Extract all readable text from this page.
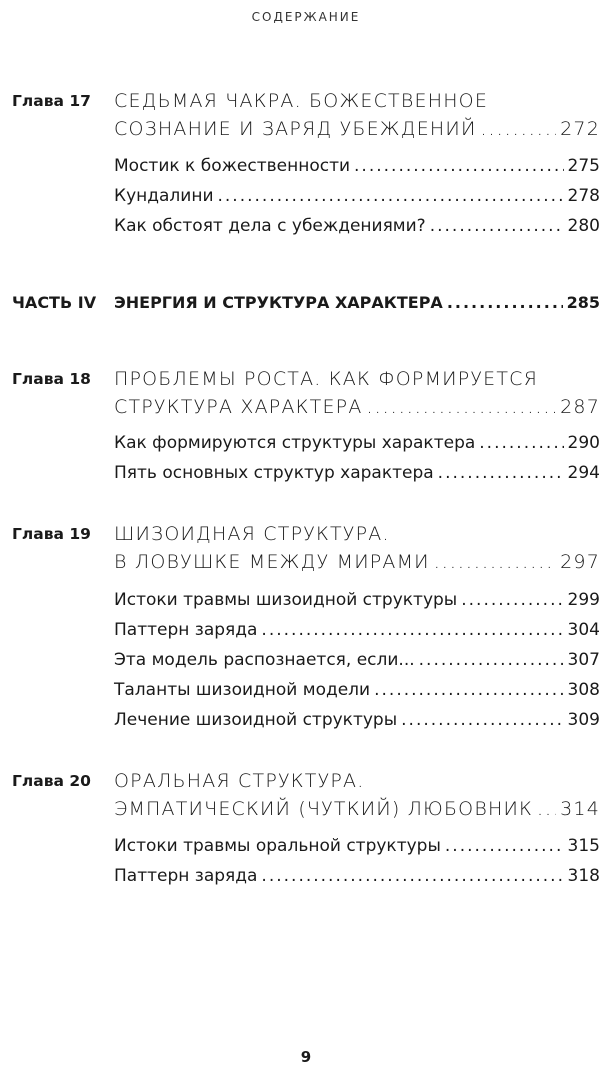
СОДЕРЖАНИЕ
Глава 17 СЕДЬМАЯ ЧАКРА. БОЖЕСТВЕННОЕ
СОЗНАНИЕ И ЗАРЯД УБЕЖДЕНИЙ .....	272
Мостик к божественности .....	275
Кундалини .....	278
Как обстоят дела с убеждениями? .....	280
ЧАСТЬ IV	ЭНЕРГИЯ И СТРУКТУРА ХАРАКТЕРА .....	285
Глава 18 ПРОБЛЕМЫ РОСТА. КАК ФОРМИРУЕТСЯ
СТРУКТУРА ХАРАКТЕРА .....	287
Как формируются структуры характера .....	290
Пять основных структур характера .....	294
Глава 19 ШИЗОИДНАЯ СТРУКТУРА.
В ЛОВУШКЕ МЕЖДУ МИРАМИ .....	297
Истоки травмы шизоидной структуры .....	299
Паттерн заряда .....	304
Эта модель распознается, если... .....	307
Таланты шизоидной модели .....	308
Лечение шизоидной структуры .....	309
Глава 20 ОРАЛЬНАЯ СТРУКТУРА.
ЭМПАТИЧЕСКИЙ (ЧУТКИЙ) ЛЮБОВНИК ..... 314
Истоки травмы оральной структуры .....	315
Паттерн заряда .....	318
9
